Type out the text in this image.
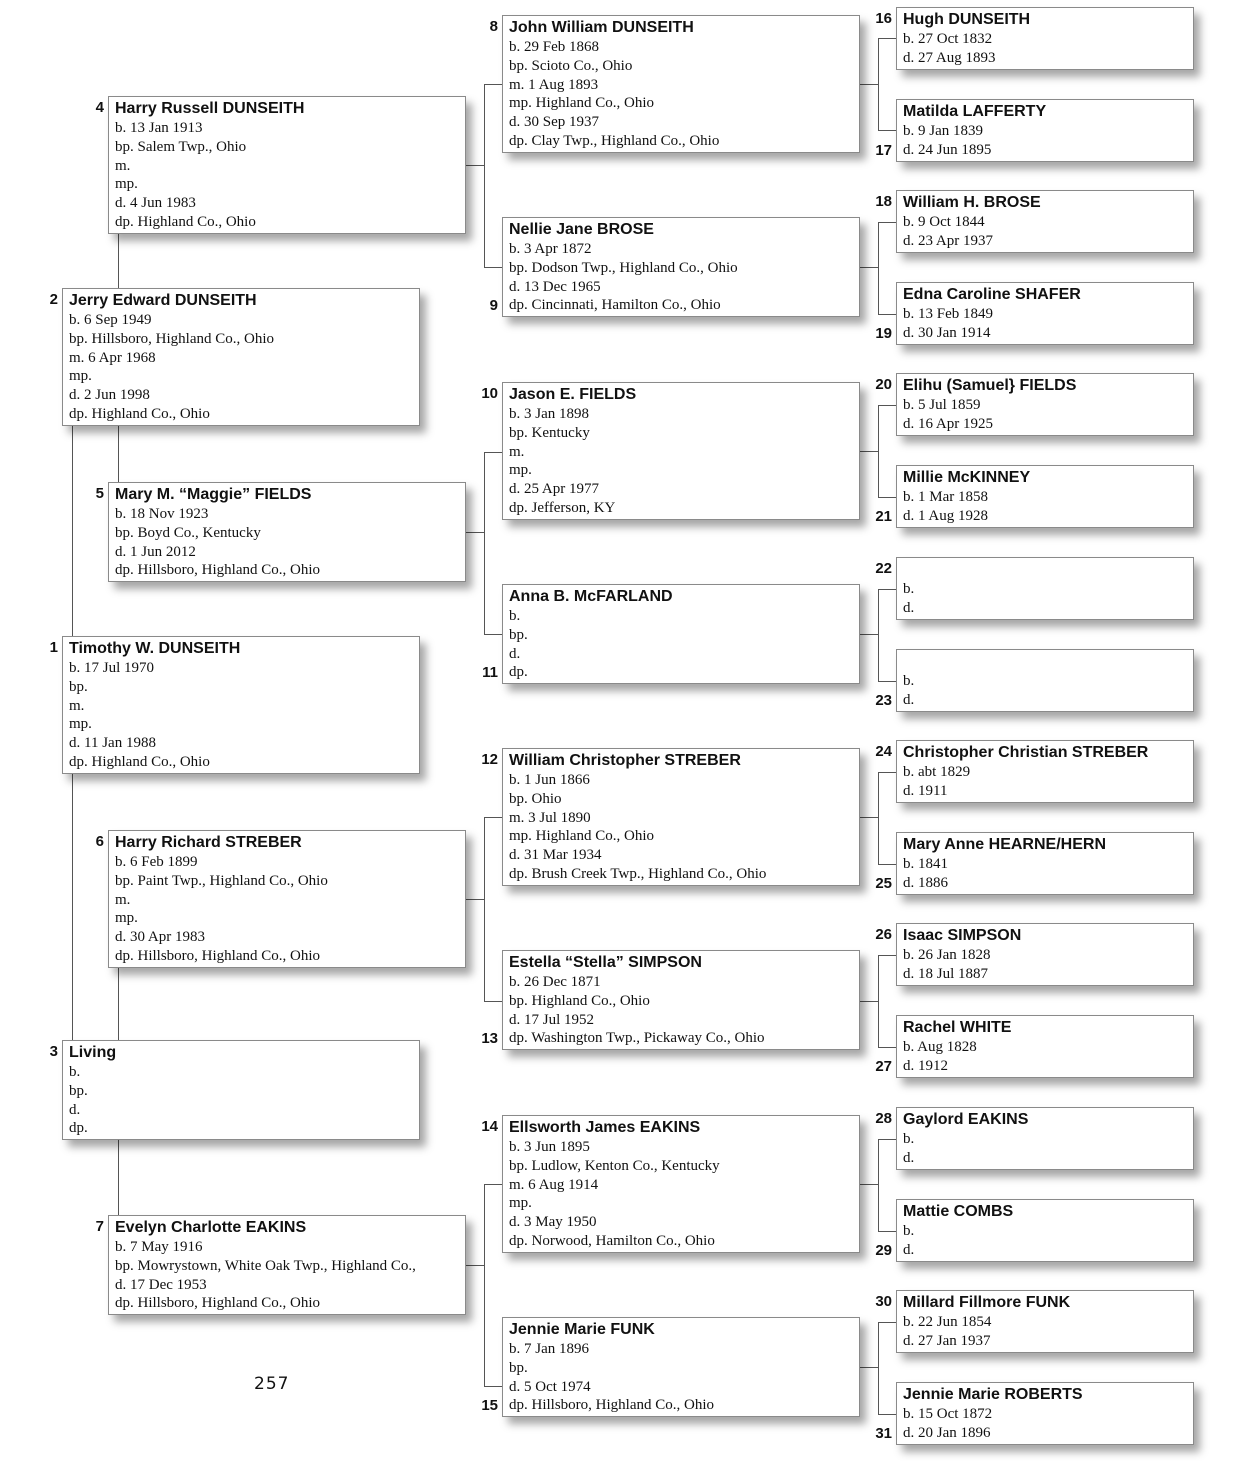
Timothy W. DUNSEITH
b. 17 Jul 1970
bp.
m.
mp.
d. 11 Jan 1988
dp. Highland Co., Ohio
1
Jerry Edward DUNSEITH
b. 6 Sep 1949
bp. Hillsboro, Highland Co., Ohio
m. 6 Apr 1968
mp.
d. 2 Jun 1998
dp. Highland Co., Ohio
2
Living
b.
bp.
d.
dp.
3
Harry Russell DUNSEITH
b. 13 Jan 1913
bp. Salem Twp., Ohio
m.
mp.
d. 4 Jun 1983
dp. Highland Co., Ohio
4
Mary M. “Maggie” FIELDS
b. 18 Nov 1923
bp. Boyd Co., Kentucky
d. 1 Jun 2012
dp. Hillsboro, Highland Co., Ohio
5
Harry Richard STREBER
b. 6 Feb 1899
bp. Paint Twp., Highland Co., Ohio
m.
mp.
d. 30 Apr 1983
dp. Hillsboro, Highland Co., Ohio
6
Evelyn Charlotte EAKINS
b. 7 May 1916
bp. Mowrystown, White Oak Twp., Highland Co.,
d. 17 Dec 1953
dp. Hillsboro, Highland Co., Ohio
7
John William DUNSEITH
b. 29 Feb 1868
bp. Scioto Co., Ohio
m. 1 Aug 1893
mp. Highland Co., Ohio
d. 30 Sep 1937
dp. Clay Twp., Highland Co., Ohio
8
Nellie Jane BROSE
b. 3 Apr 1872
bp. Dodson Twp., Highland Co., Ohio
d. 13 Dec 1965
dp. Cincinnati, Hamilton Co., Ohio
9
Jason E. FIELDS
b. 3 Jan 1898
bp. Kentucky
m.
mp.
d. 25 Apr 1977
dp. Jefferson, KY
10
Anna B. McFARLAND
b.
bp.
d.
dp.
11
William Christopher STREBER
b. 1 Jun 1866
bp. Ohio
m. 3 Jul 1890
mp. Highland Co., Ohio
d. 31 Mar 1934
dp. Brush Creek Twp., Highland Co., Ohio
12
Estella “Stella” SIMPSON
b. 26 Dec 1871
bp. Highland Co., Ohio
d. 17 Jul 1952
dp. Washington Twp., Pickaway Co., Ohio
13
Ellsworth James EAKINS
b. 3 Jun 1895
bp. Ludlow, Kenton Co., Kentucky
m. 6 Aug 1914
mp.
d. 3 May 1950
dp. Norwood, Hamilton Co., Ohio
14
Jennie Marie FUNK
b. 7 Jan 1896
bp.
d. 5 Oct 1974
dp. Hillsboro, Highland Co., Ohio
15
Hugh DUNSEITH
b. 27 Oct 1832
d. 27 Aug 1893
16
Matilda LAFFERTY
b. 9 Jan 1839
d. 24 Jun 1895
17
William H. BROSE
b. 9 Oct 1844
d. 23 Apr 1937
18
Edna Caroline SHAFER
b. 13 Feb 1849
d. 30 Jan 1914
19
Elihu (Samuel} FIELDS
b. 5 Jul 1859
d. 16 Apr 1925
20
Millie McKINNEY
b. 1 Mar 1858
d. 1 Aug 1928
21
b.
d.
22
b.
d.
23
Christopher Christian STREBER
b. abt 1829
d. 1911
24
Mary Anne HEARNE/HERN
b. 1841
d. 1886
25
Isaac SIMPSON
b. 26 Jan 1828
d. 18 Jul 1887
26
Rachel WHITE
b. Aug 1828
d. 1912
27
Gaylord EAKINS
b.
d.
28
Mattie COMBS
b.
d.
29
Millard Fillmore FUNK
b. 22 Jun 1854
d. 27 Jan 1937
30
Jennie Marie ROBERTS
b. 15 Oct 1872
d. 20 Jan 1896
31
257
